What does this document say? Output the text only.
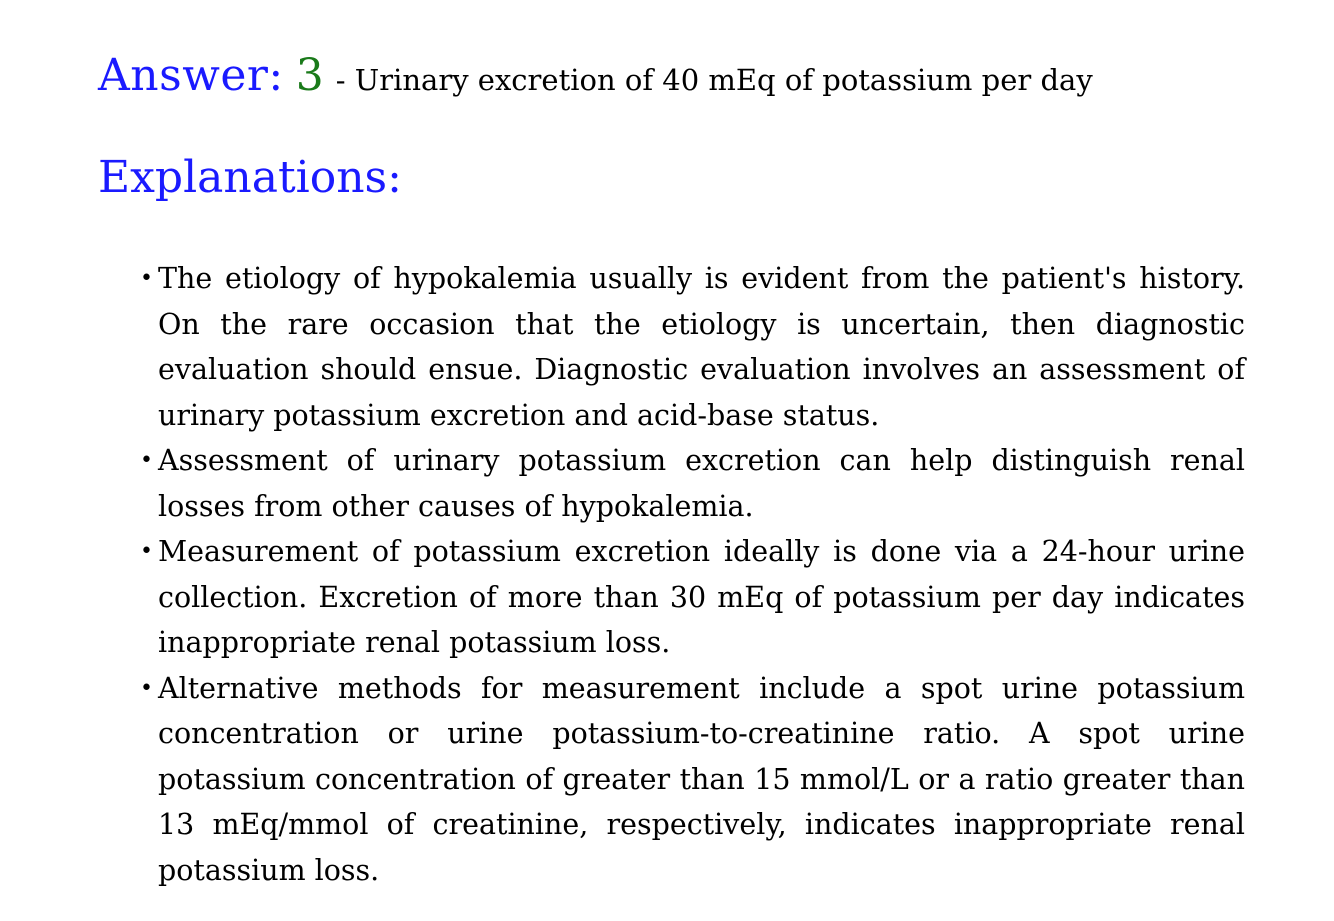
Answer: 3 - Urinary excretion of 40 mEq of potassium per day
Explanations:
• The etiology of hypokalemia usually is evident from the patient's history. On the rare occasion that the etiology is uncertain, then diagnostic evaluation should ensue. Diagnostic evaluation involves an assessment of urinary potassium excretion and acid-base status.
• Assessment of urinary potassium excretion can help distinguish renal losses from other causes of hypokalemia.
• Measurement of potassium excretion ideally is done via a 24-hour urine collection. Excretion of more than 30 mEq of potassium per day indicates inappropriate renal potassium loss.
• Alternative methods for measurement include a spot urine potassium concentration or urine potassium-to-creatinine ratio. A spot urine potassium concentration of greater than 15 mmol/L or a ratio greater than 13 mEq/mmol of creatinine, respectively, indicates inappropriate renal potassium loss.
